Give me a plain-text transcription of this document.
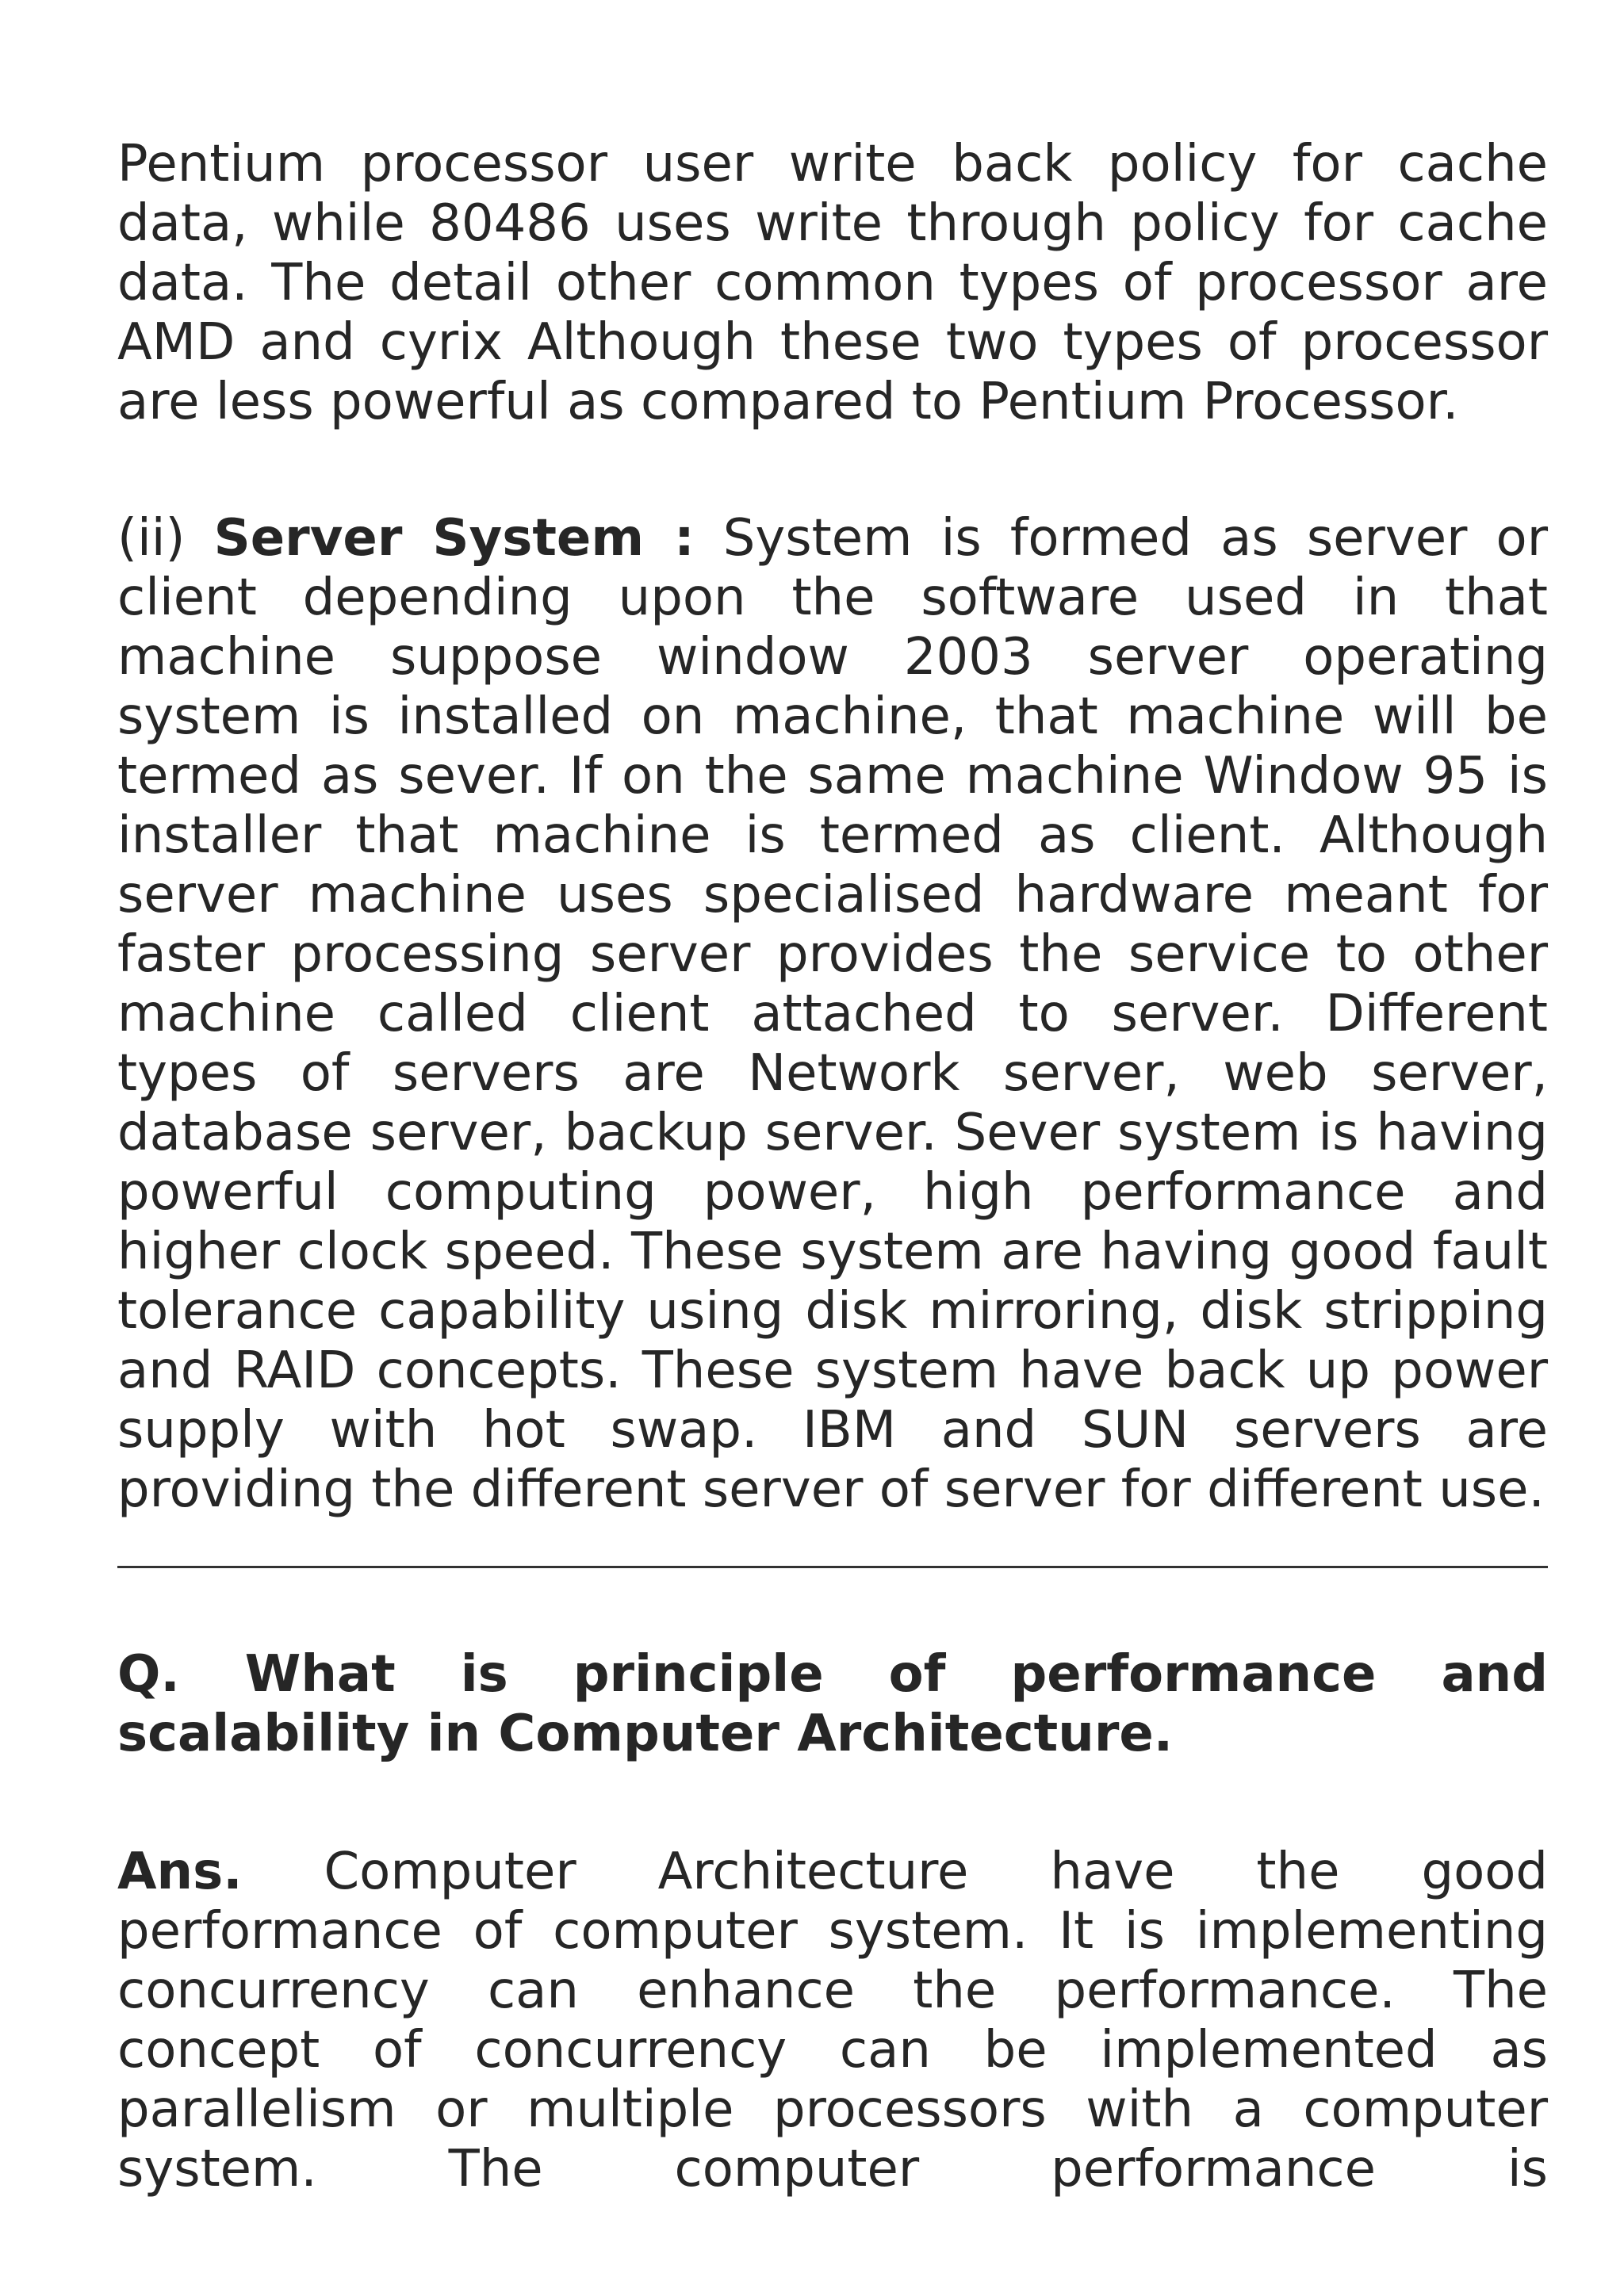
Pentium processor user write back policy for cache data, while 80486 uses write through policy for cache data. The detail other common types of processor are AMD and cyrix Although these two types of processor are less powerful as compared to Pentium Processor.

(ii) Server System : System is formed as server or client depending upon the software used in that machine suppose window 2003 server operating system is installed on machine, that machine will be termed as sever. If on the same machine Window 95 is installer that machine is termed as client. Although server machine uses specialised hardware meant for faster processing server provides the service to other machine called client attached to server. Different types of servers are Network server, web server, database server, backup server. Sever system is having powerful computing power, high performance and higher clock speed. These system are having good fault tolerance capability using disk mirroring, disk stripping and RAID concepts. These system have back up power supply with hot swap. IBM and SUN servers are providing the different server of server for different use.

Q. What is principle of performance and scalability in Computer Architecture.

Ans. Computer Architecture have the good performance of computer system. It is implementing concurrency can enhance the performance. The concept of concurrency can be implemented as parallelism or multiple processors with a computer system. The computer performance is
